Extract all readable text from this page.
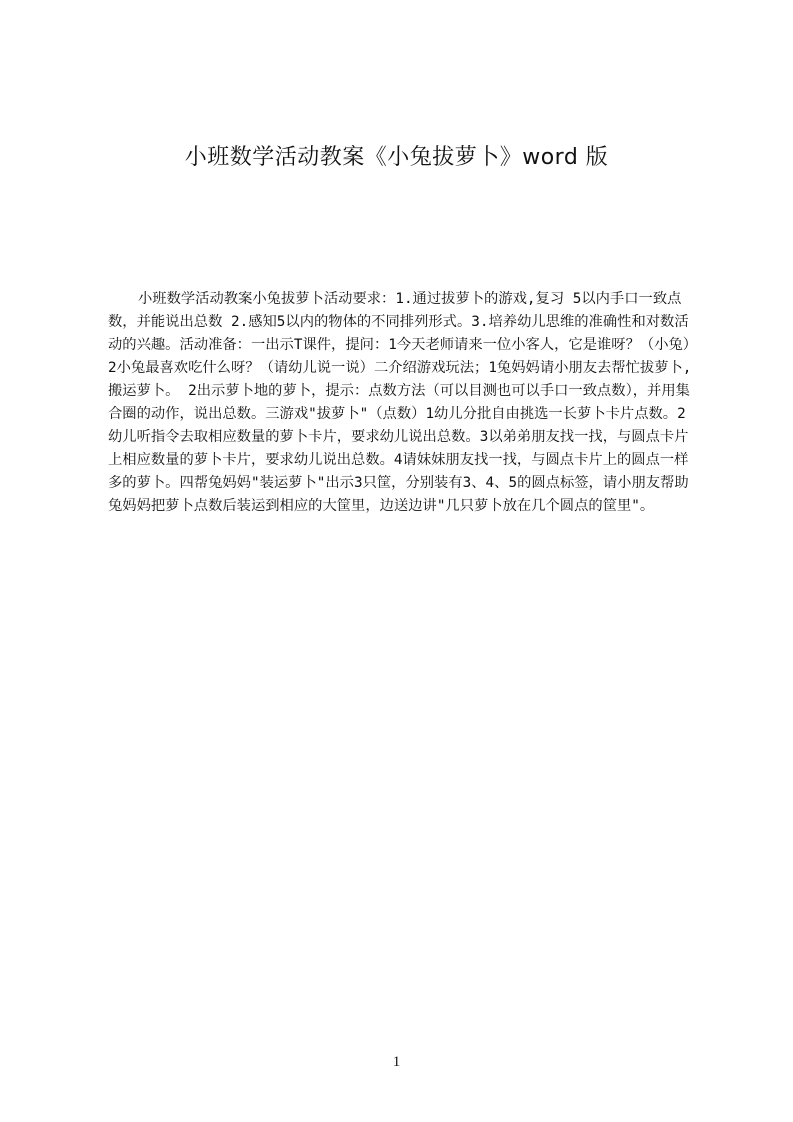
小班数学活动教案《小兔拔萝卜》word 版

小班数学活动教案小兔拔萝卜活动要求：1.通过拔萝卜的游戏,复习 5以内手口一致点数，并能说出总数 2.感知5以内的物体的不同排列形式。3.培养幼儿思维的准确性和对数活动的兴趣。活动准备：一出示T课件，提问：1今天老师请来一位小客人，它是谁呀？（小兔）2小兔最喜欢吃什么呀？（请幼儿说一说）二介绍游戏玩法；1兔妈妈请小朋友去帮忙拔萝卜,搬运萝卜。 2出示萝卜地的萝卜，提示：点数方法（可以目测也可以手口一致点数），并用集合圈的动作，说出总数。三游戏"拔萝卜"（点数）1幼儿分批自由挑选一长萝卜卡片点数。2幼儿听指令去取相应数量的萝卜卡片，要求幼儿说出总数。3以弟弟朋友找一找，与圆点卡片上相应数量的萝卜卡片，要求幼儿说出总数。4请妹妹朋友找一找，与圆点卡片上的圆点一样多的萝卜。四帮兔妈妈"装运萝卜"出示3只筐，分别装有3、4、5的圆点标签，请小朋友帮助兔妈妈把萝卜点数后装运到相应的大筐里，边送边讲"几只萝卜放在几个圆点的筐里"。

1
